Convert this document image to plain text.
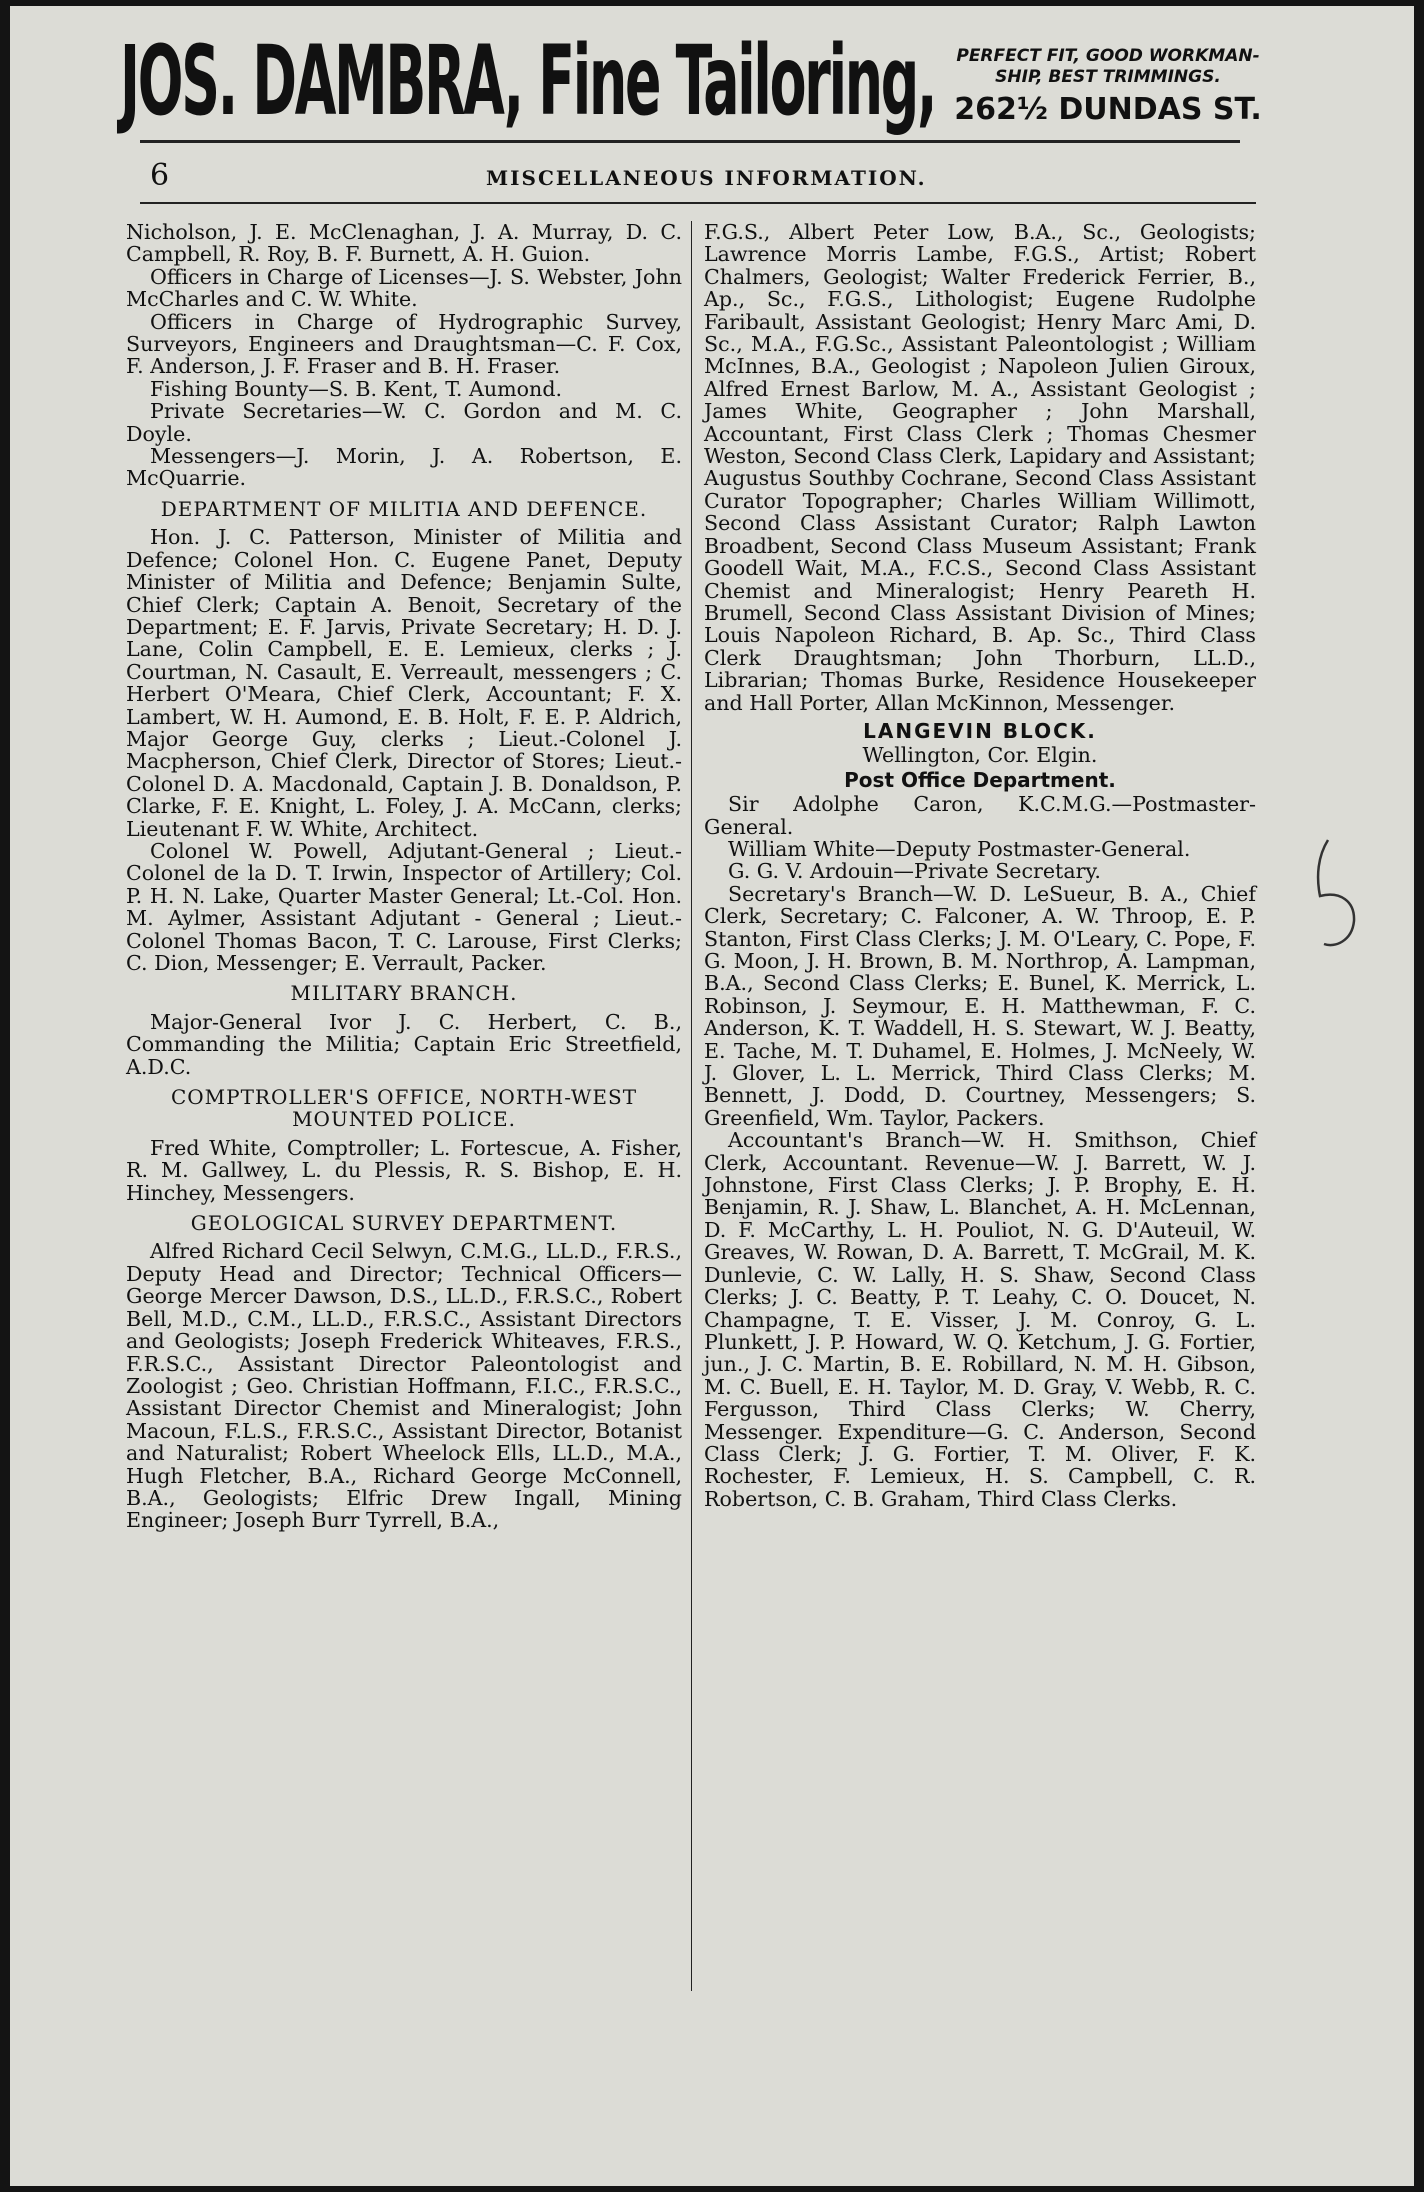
JOS. DAMBRA, Fine Tailoring,	PERFECT FIT, GOOD WORKMAN-
SHIP, BEST TRIMMINGS.
262½ DUNDAS ST.
6	MISCELLANEOUS INFORMATION.

Nicholson, J. E. McClenaghan, J. A. Murray, D. C. Campbell, R. Roy, B. F. Burnett, A. H. Guion.

Officers in Charge of Licenses—J. S. Webster, John McCharles and C. W. White.

Officers in Charge of Hydrographic Survey, Surveyors, Engineers and Draughtsman—C. F. Cox, F. Anderson, J. F. Fraser and B. H. Fraser.

Fishing Bounty—S. B. Kent, T. Aumond.

Private Secretaries—W. C. Gordon and M. C. Doyle.

Messengers—J. Morin, J. A. Robertson, E. McQuarrie.

DEPARTMENT OF MILITIA AND DEFENCE.

Hon. J. C. Patterson, Minister of Militia and Defence; Colonel Hon. C. Eugene Panet, Deputy Minister of Militia and Defence; Benjamin Sulte, Chief Clerk; Captain A. Benoit, Secretary of the Department; E. F. Jarvis, Private Secretary; H. D. J. Lane, Colin Campbell, E. E. Lemieux, clerks ; J. Courtman, N. Casault, E. Verreault, messengers ; C. Herbert O'Meara, Chief Clerk, Accountant; F. X. Lambert, W. H. Aumond, E. B. Holt, F. E. P. Aldrich, Major George Guy, clerks ; Lieut.-Colonel J. Macpherson, Chief Clerk, Director of Stores; Lieut.-Colonel D. A. Macdonald, Captain J. B. Donaldson, P. Clarke, F. E. Knight, L. Foley, J. A. McCann, clerks; Lieutenant F. W. White, Architect.

Colonel W. Powell, Adjutant-General ; Lieut.-Colonel de la D. T. Irwin, Inspector of Artillery; Col. P. H. N. Lake, Quarter Master General; Lt.-Col. Hon. M. Aylmer, Assistant Adjutant - General ; Lieut.-Colonel Thomas Bacon, T. C. Larouse, First Clerks; C. Dion, Messenger; E. Verrault, Packer.

MILITARY BRANCH.

Major-General Ivor J. C. Herbert, C. B., Commanding the Militia; Captain Eric Streetfield, A.D.C.

COMPTROLLER'S OFFICE, NORTH-WEST MOUNTED POLICE.

Fred White, Comptroller; L. Fortescue, A. Fisher, R. M. Gallwey, L. du Plessis, R. S. Bishop, E. H. Hinchey, Messengers.

GEOLOGICAL SURVEY DEPARTMENT.

Alfred Richard Cecil Selwyn, C.M.G., LL.D., F.R.S., Deputy Head and Director; Technical Officers—George Mercer Dawson, D.S., LL.D., F.R.S.C., Robert Bell, M.D., C.M., LL.D., F.R.S.C., Assistant Directors and Geologists; Joseph Frederick Whiteaves, F.R.S., F.R.S.C., Assistant Director Paleontologist and Zoologist ; Geo. Christian Hoffmann, F.I.C., F.R.S.C., Assistant Director Chemist and Mineralogist; John Macoun, F.L.S., F.R.S.C., Assistant Director, Botanist and Naturalist; Robert Wheelock Ells, LL.D., M.A., Hugh Fletcher, B.A., Richard George McConnell, B.A., Geologists; Elfric Drew Ingall, Mining Engineer; Joseph Burr Tyrrell, B.A.,

F.G.S., Albert Peter Low, B.A., Sc., Geologists; Lawrence Morris Lambe, F.G.S., Artist; Robert Chalmers, Geologist; Walter Frederick Ferrier, B., Ap., Sc., F.G.S., Lithologist; Eugene Rudolphe Faribault, Assistant Geologist; Henry Marc Ami, D. Sc., M.A., F.G.Sc., Assistant Paleontologist ; William McInnes, B.A., Geologist ; Napoleon Julien Giroux, Alfred Ernest Barlow, M. A., Assistant Geologist ; James White, Geographer ; John Marshall, Accountant, First Class Clerk ; Thomas Chesmer Weston, Second Class Clerk, Lapidary and Assistant; Augustus Southby Cochrane, Second Class Assistant Curator Topographer; Charles William Willimott, Second Class Assistant Curator; Ralph Lawton Broadbent, Second Class Museum Assistant; Frank Goodell Wait, M.A., F.C.S., Second Class Assistant Chemist and Mineralogist; Henry Peareth H. Brumell, Second Class Assistant Division of Mines; Louis Napoleon Richard, B. Ap. Sc., Third Class Clerk Draughtsman; John Thorburn, LL.D., Librarian; Thomas Burke, Residence Housekeeper and Hall Porter, Allan McKinnon, Messenger.

LANGEVIN BLOCK.

Wellington, Cor. Elgin.

Post Office Department.

Sir Adolphe Caron, K.C.M.G.—Postmaster-General.

William White—Deputy Postmaster-General.

G. G. V. Ardouin—Private Secretary.

Secretary's Branch—W. D. LeSueur, B. A., Chief Clerk, Secretary; C. Falconer, A. W. Throop, E. P. Stanton, First Class Clerks; J. M. O'Leary, C. Pope, F. G. Moon, J. H. Brown, B. M. Northrop, A. Lampman, B.A., Second Class Clerks; E. Bunel, K. Merrick, L. Robinson, J. Seymour, E. H. Matthewman, F. C. Anderson, K. T. Waddell, H. S. Stewart, W. J. Beatty, E. Tache, M. T. Duhamel, E. Holmes, J. McNeely, W. J. Glover, L. L. Merrick, Third Class Clerks; M. Bennett, J. Dodd, D. Courtney, Messengers; S. Greenfield, Wm. Taylor, Packers.

Accountant's Branch—W. H. Smithson, Chief Clerk, Accountant. Revenue—W. J. Barrett, W. J. Johnstone, First Class Clerks; J. P. Brophy, E. H. Benjamin, R. J. Shaw, L. Blanchet, A. H. McLennan, D. F. McCarthy, L. H. Pouliot, N. G. D'Auteuil, W. Greaves, W. Rowan, D. A. Barrett, T. McGrail, M. K. Dunlevie, C. W. Lally, H. S. Shaw, Second Class Clerks; J. C. Beatty, P. T. Leahy, C. O. Doucet, N. Champagne, T. E. Visser, J. M. Conroy, G. L. Plunkett, J. P. Howard, W. Q. Ketchum, J. G. Fortier, jun., J. C. Martin, B. E. Robillard, N. M. H. Gibson, M. C. Buell, E. H. Taylor, M. D. Gray, V. Webb, R. C. Fergusson, Third Class Clerks; W. Cherry, Messenger. Expenditure—G. C. Anderson, Second Class Clerk; J. G. Fortier, T. M. Oliver, F. K. Rochester, F. Lemieux, H. S. Campbell, C. R. Robertson, C. B. Graham, Third Class Clerks.
